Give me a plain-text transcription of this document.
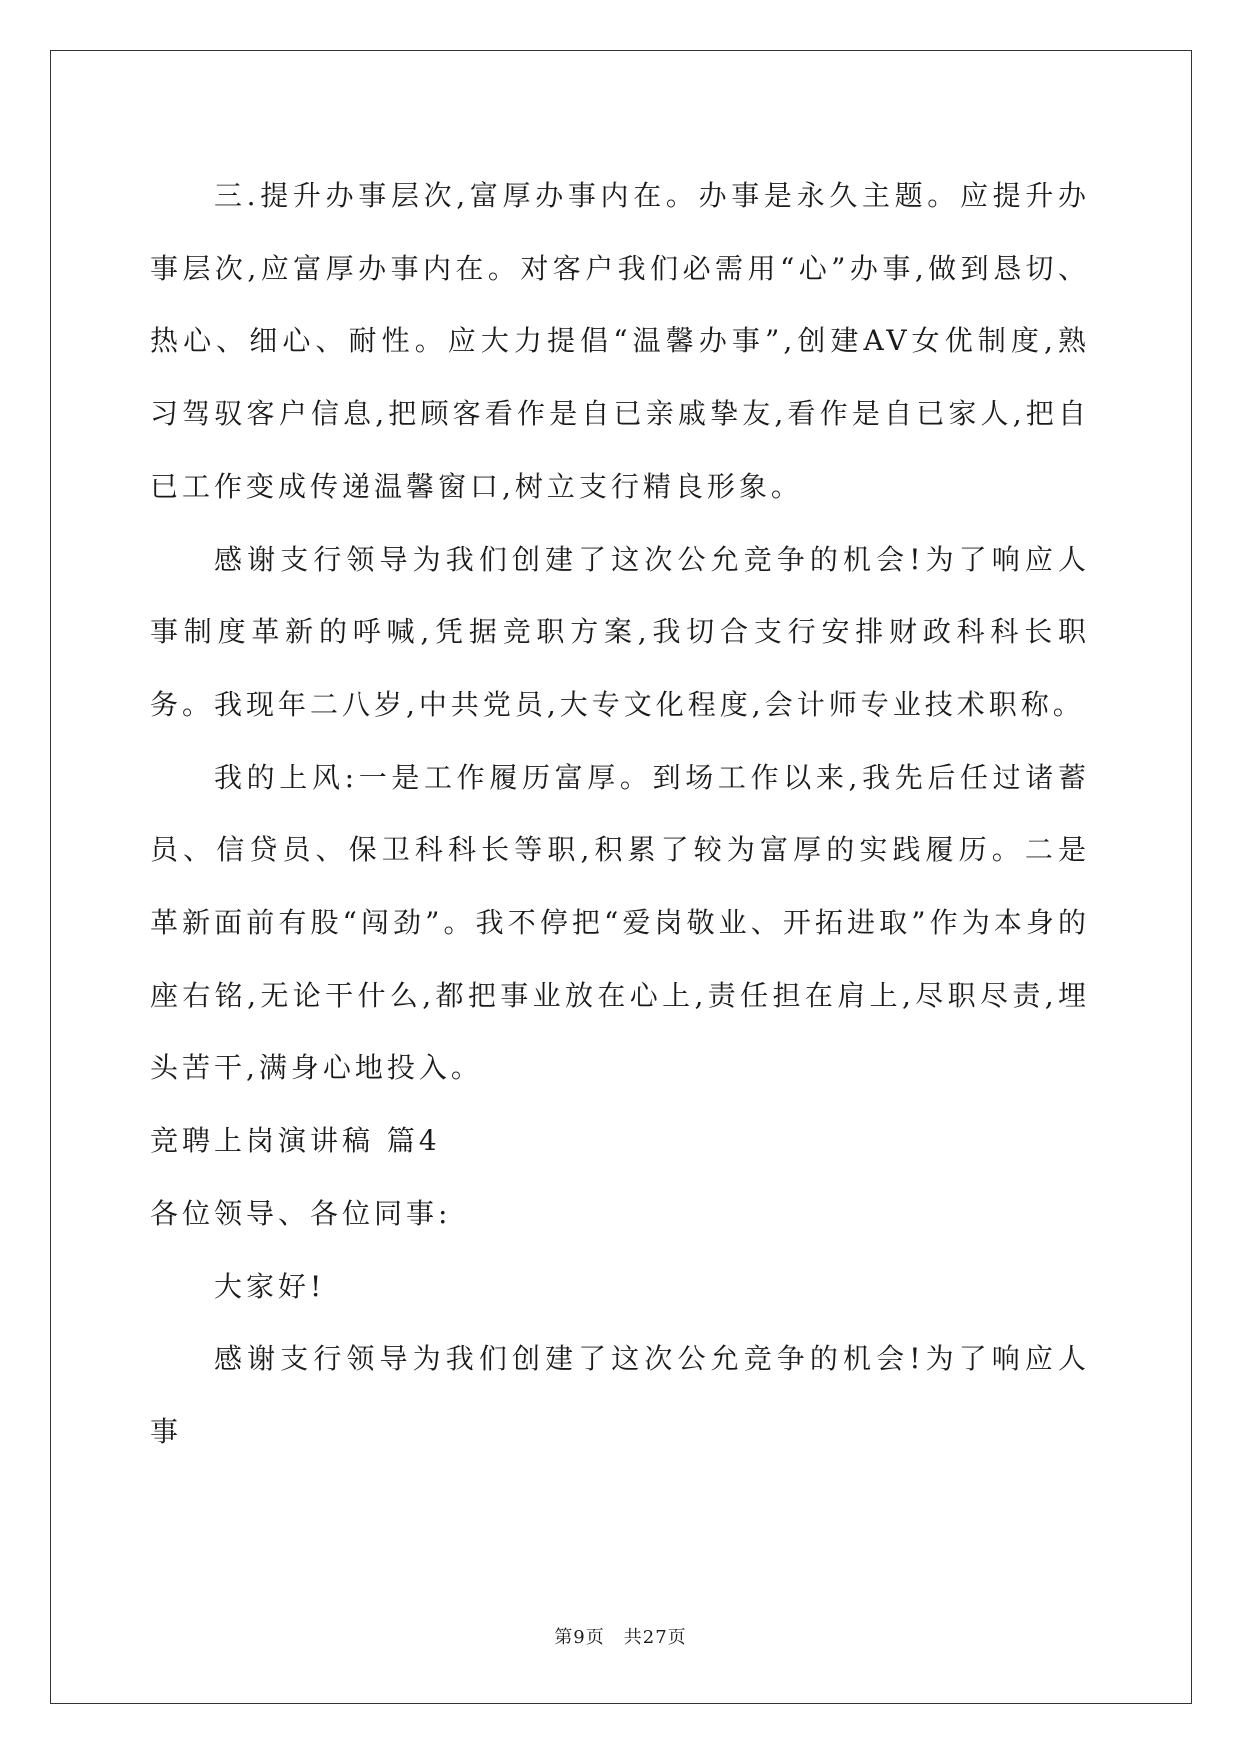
三.提升办事层次,富厚办事内在。办事是永久主题。应提升办事层次,应富厚办事内在。对客户我们必需用“心”办事,做到恳切、热心、细心、耐性。应大力提倡“温馨办事”,创建AV女优制度,熟习驾驭客户信息,把顾客看作是自已亲戚挚友,看作是自已家人,把自已工作变成传递温馨窗口,树立支行精良形象。

感谢支行领导为我们创建了这次公允竞争的机会!为了响应人事制度革新的呼喊,凭据竞职方案,我切合支行安排财政科科长职务。我现年二八岁,中共党员,大专文化程度,会计师专业技术职称。

我的上风:一是工作履历富厚。到场工作以来,我先后任过诸蓄员、信贷员、保卫科科长等职,积累了较为富厚的实践履历。二是革新面前有股“闯劲”。我不停把“爱岗敬业、开拓进取”作为本身的座右铭,无论干什么,都把事业放在心上,责任担在肩上,尽职尽责,埋头苦干,满身心地投入。

竞聘上岗演讲稿 篇4

各位领导、各位同事:

大家好!

感谢支行领导为我们创建了这次公允竞争的机会!为了响应人事

第9页　共27页
